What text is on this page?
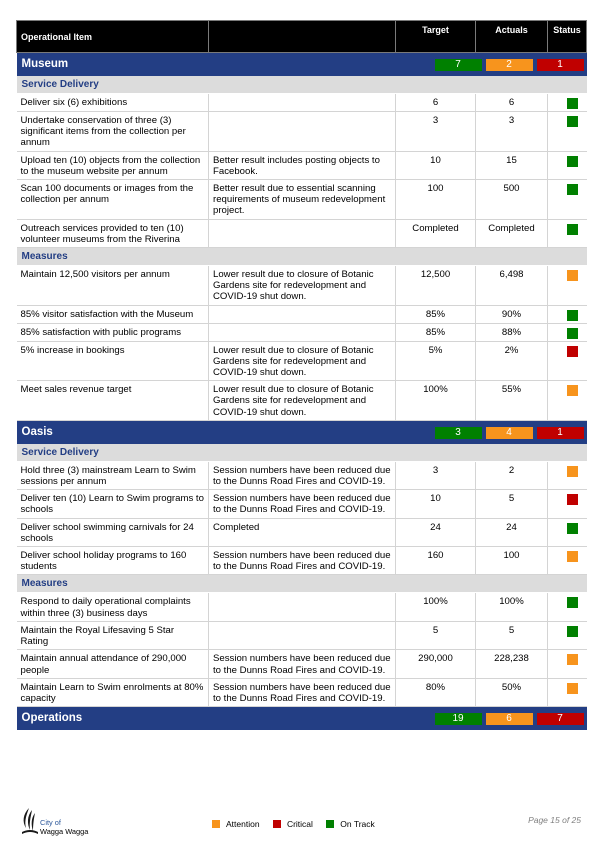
Operational Item		Target	Actuals	Status

Museum 7 2 1				

Service Delivery				
Deliver six (6) exhibitions		6	6	

Undertake conservation of three (3) significant items from the collection per annum		3	3	

Upload ten (10) objects from the collection to the museum website per annum	Better result includes posting objects to Facebook.	10	15	

Scan 100 documents or images from the collection per annum	Better result due to essential scanning requirements of museum redevelopment project.	100	500	

Outreach services provided to ten (10) volunteer museums from the Riverina		Completed	Completed	

Measures				
Maintain 12,500 visitors per annum	Lower result due to closure of Botanic Gardens site for redevelopment and COVID-19 shut down.	12,500	6,498	

85% visitor satisfaction with the Museum		85%	90%	

85% satisfaction with public programs		85%	88%	

5% increase in bookings	Lower result due to closure of Botanic Gardens site for redevelopment and COVID-19 shut down.	5%	2%	

Meet sales revenue target	Lower result due to closure of Botanic Gardens site for redevelopment and COVID-19 shut down.	100%	55%	

Oasis 3 4 1				

Service Delivery				
Hold three (3) mainstream Learn to Swim sessions per annum	Session numbers have been reduced due to the Dunns Road Fires and COVID-19.	3	2	

Deliver ten (10) Learn to Swim programs to schools	Session numbers have been reduced due to the Dunns Road Fires and COVID-19.	10	5	

Deliver school swimming carnivals for 24 schools	Completed	24	24	

Deliver school holiday programs to 160 students	Session numbers have been reduced due to the Dunns Road Fires and COVID-19.	160	100	

Measures				
Respond to daily operational complaints within three (3) business days		100%	100%	

Maintain the Royal Lifesaving 5 Star Rating		5	5	

Maintain annual attendance of 290,000 people	Session numbers have been reduced due to the Dunns Road Fires and COVID-19.	290,000	228,238	

Maintain Learn to Swim enrolments at 80% capacity	Session numbers have been reduced due to the Dunns Road Fires and COVID-19.	80%	50%	

Operations 19 6 7				
City of
Wagga Wagga
Attention	Critical	On Track	Page 15 of 25
